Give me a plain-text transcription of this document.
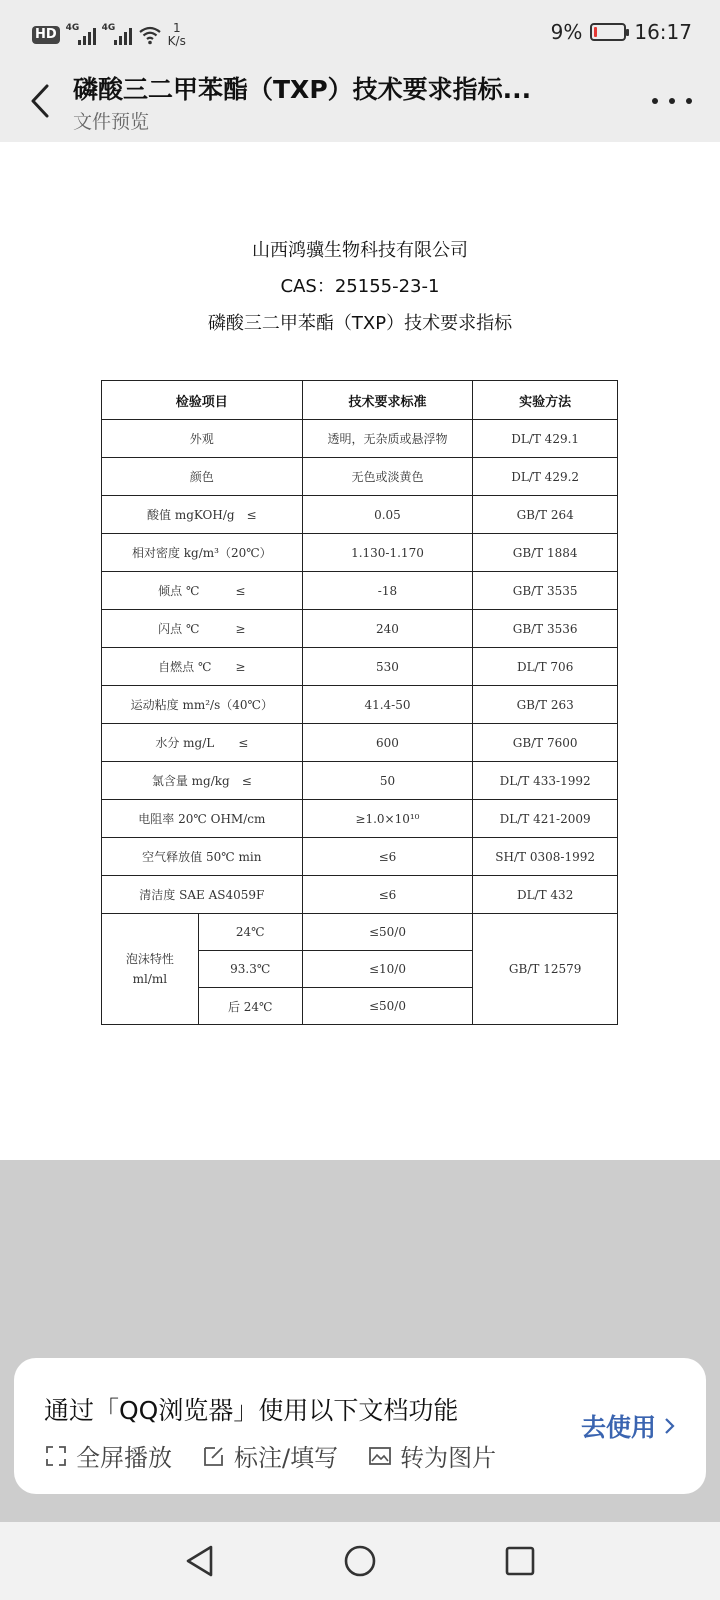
HD	4G 4G	1
K/s	9%	16:17
磷酸三二甲苯酯（TXP）技术要求指标...
文件预览
山西鸿骥生物科技有限公司
CAS：25155-23-1
磷酸三二甲苯酯（TXP）技术要求指标
检验项目		技术要求标准	实验方法
外观		透明，无杂质或悬浮物	DL/T 429.1
颜色		无色或淡黄色	DL/T 429.2
酸值 mgKOH/g　≤		0.05	GB/T 264
相对密度 kg/m³（20℃）		1.130-1.170	GB/T 1884
倾点 ℃　　　≤		-18	GB/T 3535
闪点 ℃　　　≥		240	GB/T 3536
自燃点 ℃　　≥		530	DL/T 706
运动粘度 mm²/s（40℃）		41.4-50	GB/T 263
水分 mg/L　　≤		600	GB/T 7600
氯含量 mg/kg　≤		50	DL/T 433-1992
电阻率 20℃ OHM/cm		≥1.0×10¹⁰	DL/T 421-2009
空气释放值 50℃ min		≤6	SH/T 0308-1992
清洁度 SAE AS4059F		≤6	DL/T 432

泡沫特性
ml/ml	24℃	≤50/0	GB/T 12579
	93.3℃	≤10/0	
	后 24℃	≤50/0	
通过「QQ浏览器」使用以下文档功能
全屏播放	标注/填写	转为图片
去使用
